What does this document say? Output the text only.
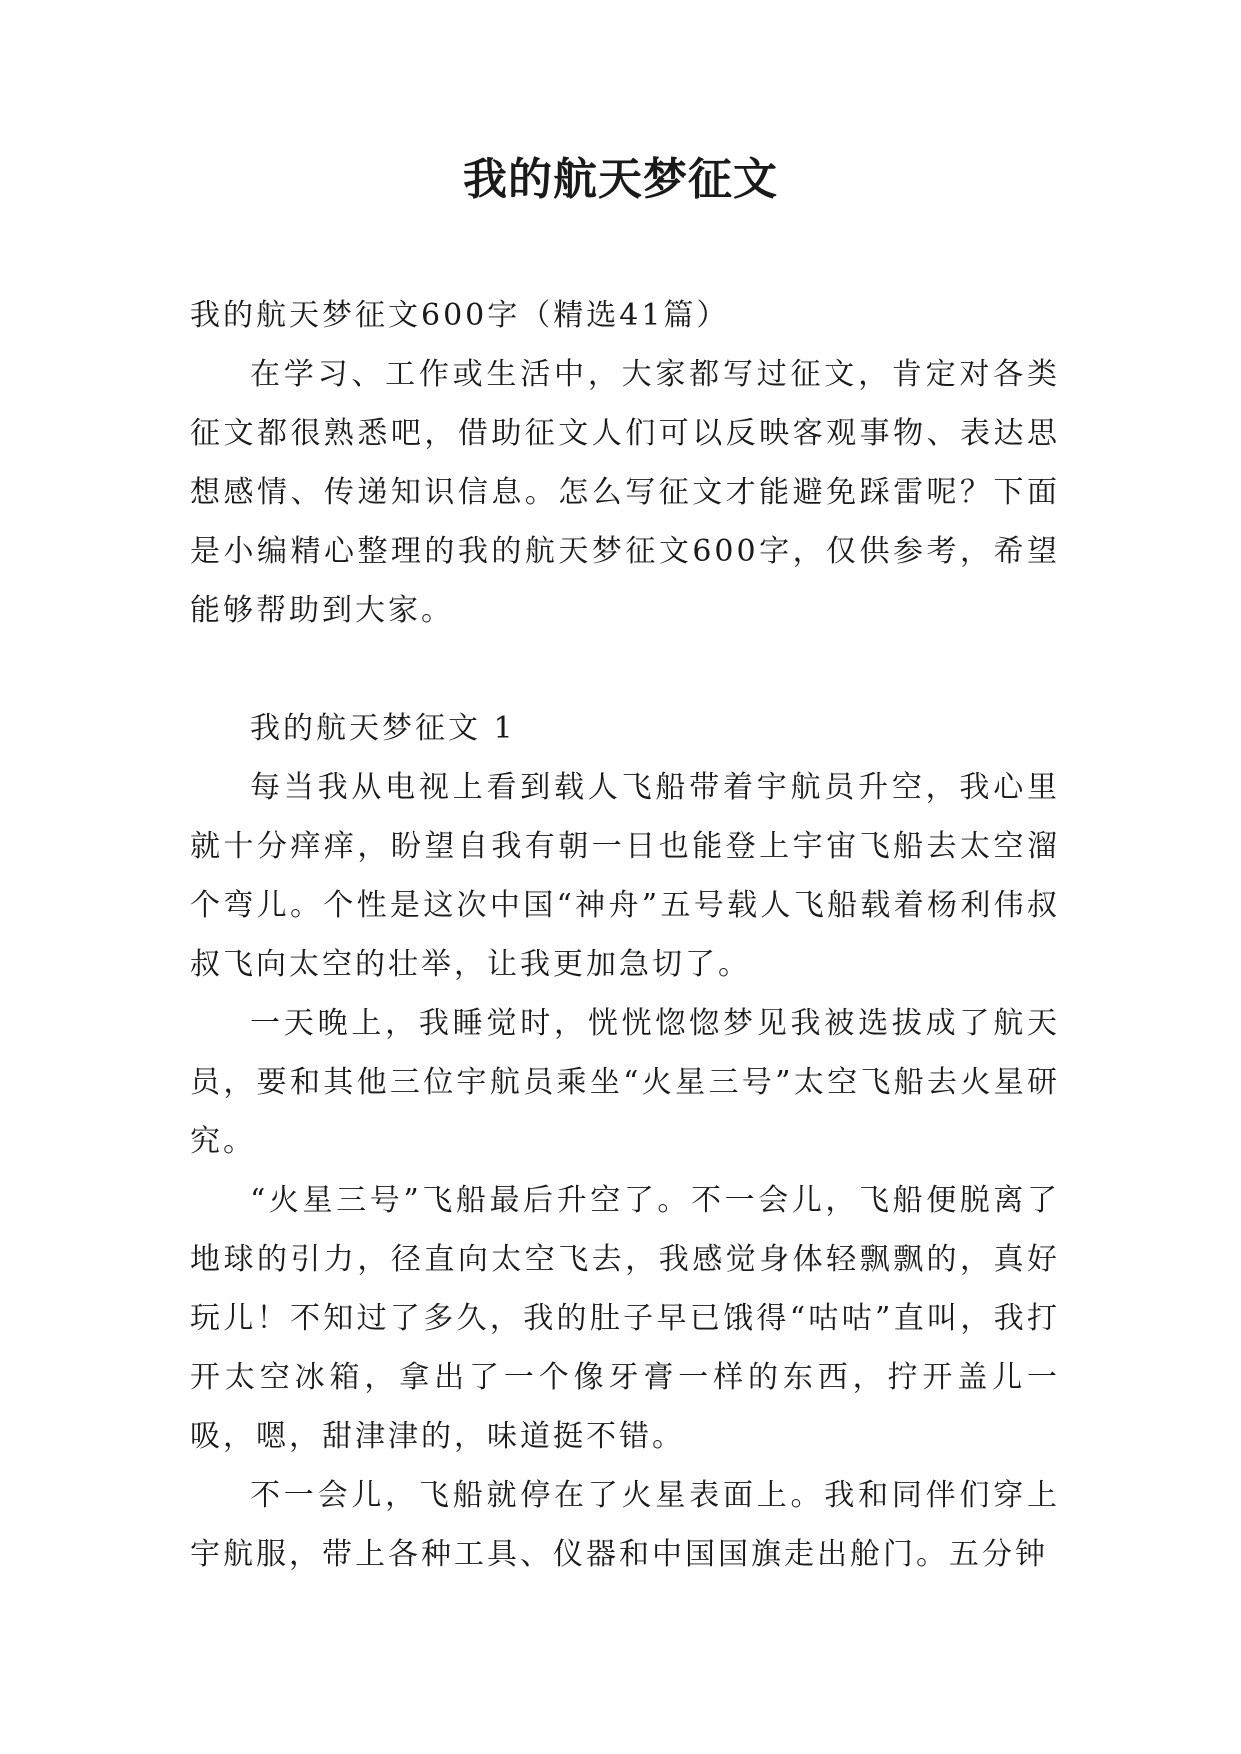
我的航天梦征文

我的航天梦征文600字（精选41篇）

在学习、工作或生活中，大家都写过征文，肯定对各类征文都很熟悉吧，借助征文人们可以反映客观事物、表达思想感情、传递知识信息。怎么写征文才能避免踩雷呢？下面是小编精心整理的我的航天梦征文600字，仅供参考，希望能够帮助到大家。

我的航天梦征文 1

每当我从电视上看到载人飞船带着宇航员升空，我心里就十分痒痒，盼望自我有朝一日也能登上宇宙飞船去太空溜个弯儿。个性是这次中国“神舟”五号载人飞船载着杨利伟叔叔飞向太空的壮举，让我更加急切了。

一天晚上，我睡觉时，恍恍惚惚梦见我被选拔成了航天员，要和其他三位宇航员乘坐“火星三号”太空飞船去火星研究。

“火星三号”飞船最后升空了。不一会儿，飞船便脱离了地球的引力，径直向太空飞去，我感觉身体轻飘飘的，真好玩儿！不知过了多久，我的肚子早已饿得“咕咕”直叫，我打开太空冰箱，拿出了一个像牙膏一样的东西，拧开盖儿一吸，嗯，甜津津的，味道挺不错。

不一会儿，飞船就停在了火星表面上。我和同伴们穿上宇航服，带上各种工具、仪器和中国国旗走出舱门。五分钟
